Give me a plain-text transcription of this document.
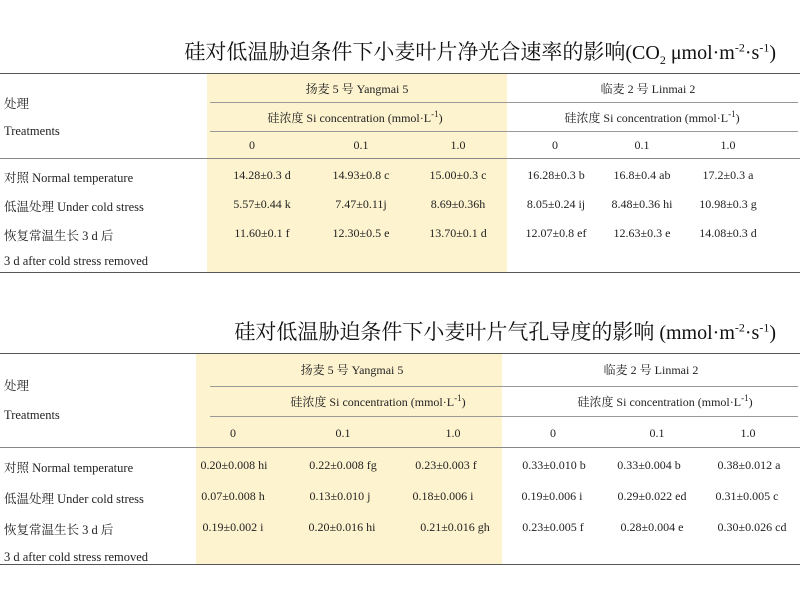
硅对低温胁迫条件下小麦叶片净光合速率的影响($CO_2$ $\mu mol\cdot m^{-2}\cdot s^{-1}$)
处理
Treatments
扬麦 5 号 Yangmai 5	临麦 2 号 Linmai 2
硅浓度 Si concentration $(mmol\cdot L^{-1})$	硅浓度 Si concentration $(mmol\cdot L^{-1})$
0	0.1	1.0	0	0.1	1.0
对照 Normal temperature	14.28±0.3 d	14.93±0.8 c	15.00±0.3 c	16.28±0.3 b 16.8±0.4 ab	17.2±0.3 a
低温处理 Under cold stress	5.57±0.44 k	7.47±0.11j	8.69±0.36h	8.05±0.24 ij 8.48±0.36 hi 10.98±0.3 g
恢复常温生长 3 d 后	11.60±0.1 f	12.30±0.5 e	13.70±0.1 d	12.07±0.8 ef 12.63±0.3 e 14.08±0.3 d
3 d after cold stress removed
硅对低温胁迫条件下小麦叶片气孔导度的影响 $(mmol\cdot m^{-2}\cdot s^{-1})$
处理
Treatments
扬麦 5 号 Yangmai 5	临麦 2 号 Linmai 2
硅浓度 Si concentration $(mmol\cdot L^{-1})$	硅浓度 Si concentration $(mmol\cdot L^{-1})$
0	0.1	1.0	0	0.1	1.0
对照 Normal temperature	0.20±0.008 hi	0.22±0.008 fg	0.23±0.003 f	0.33±0.010 b	0.33±0.004 b	0.38±0.012 a
低温处理 Under cold stress	0.07±0.008 h	0.13±0.010 j	0.18±0.006 i	0.19±0.006 i	0.29±0.022 ed 0.31±0.005 c
恢复常温生长 3 d 后	0.19±0.002 i	0.20±0.016 hi	0.21±0.016 gh	0.23±0.005 f	0.28±0.004 e	0.30±0.026 cd
3 d after cold stress removed
